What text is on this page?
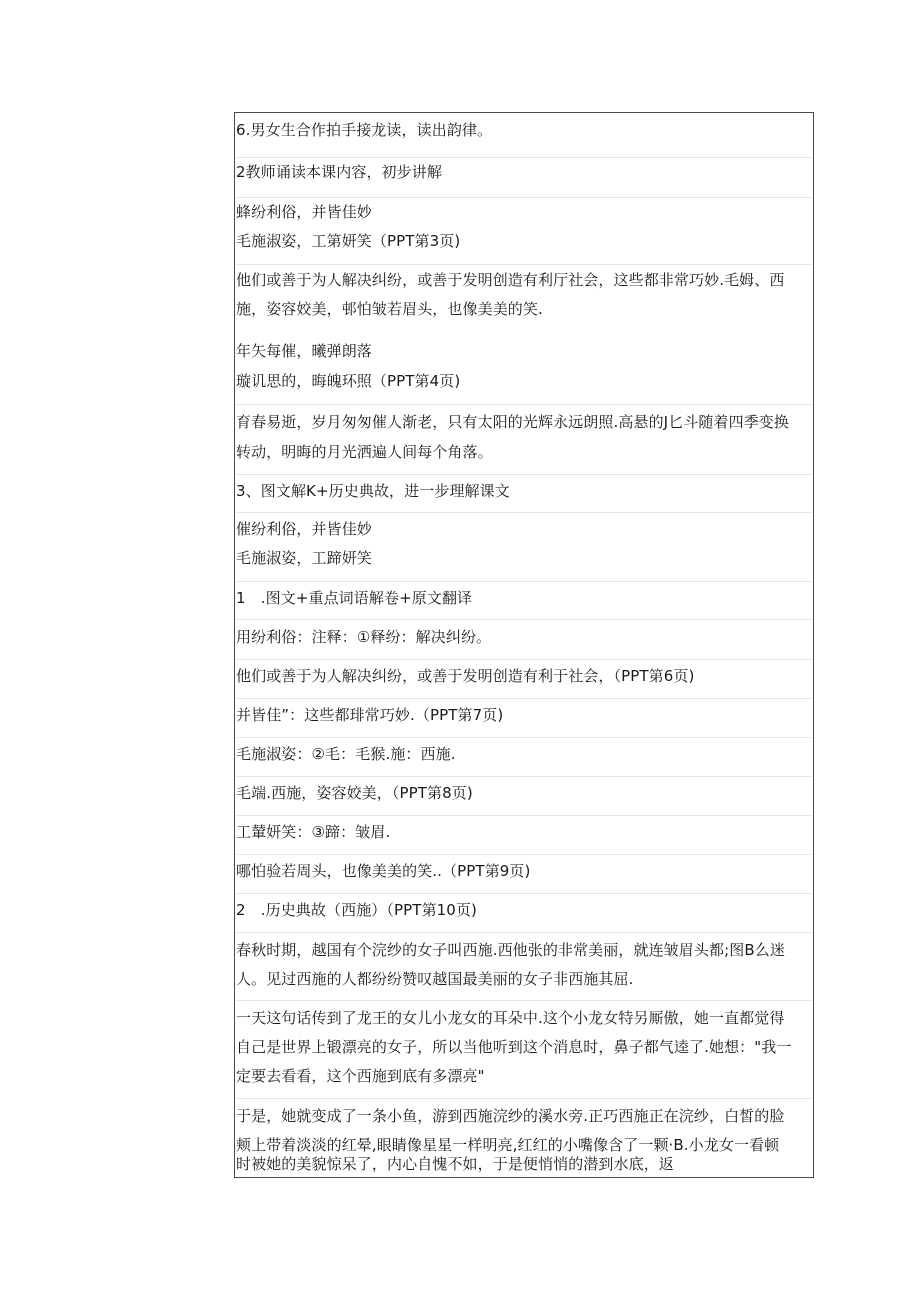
6.男女生合作拍手接龙读，读出韵律。
2教师诵读本课内容，初步讲解
蜂纷利俗，并皆佳妙
毛施淑姿，工第妍笑（PPT第3页)
他们或善于为人解决纠纷，或善于发明创造有利厅社会，这些都非常巧妙.毛姆、西
施，姿容姣美，邨怕皱若眉头，也像美美的笑.
年矢每催，曦弹朗落
璇讥思的，晦魄环照（PPT第4页)
育春易逝，岁月匆匆催人渐老，只有太阳的光辉永远朗照.高悬的J匕斗随着四季变换
转动，明晦的月光洒遍人间每个角落。
3、图文解K+历史典故，进一步理解课文
催纷利俗，并皆佳妙
毛施淑姿，工蹄妍笑
1　.图文+重点词语解卷+原文翻译
用纷利俗：注释：①释纷：解决纠纷。
他们或善于为人解决纠纷，或善于发明创造有利于社会，（PPT第6页)
并皆佳”：这些都琲常巧妙.（PPT第7页)
毛施淑姿：②毛：毛猴.施：西施.
毛端.西施，姿容姣美，（PPT第8页)
工輦妍笑：③蹄：皱眉.
哪怕验若周头，也像美美的笑..（PPT第9页)
2　.历史典故（西施）（PPT第10页)
春秋时期，越国有个浣纱的女子叫西施.西他张的非常美丽，就连皱眉头都;图B么迷
人。见过西施的人都纷纷赞叹越国最美丽的女子非西施其屈.
一天这句话传到了龙王的女儿小龙女的耳朵中.这个小龙女特另厮傲，她一直都觉得
自己是世界上锻漂亮的女子，所以当他听到这个消息时，鼻子都气逵了.她想："我一
定要去看看，这个西施到底有多漂亮"
于是，她就变成了一条小鱼，游到西施浣纱的溪水旁.正巧西施正在浣纱，白皙的脸
颊上带着淡淡的红晕,眼睛像星星一样明亮,红红的小嘴像含了一颗·B.小龙女一看顿
时被她的美貌惊呆了，内心自愧不如，于是便悄悄的潜到水底，返
